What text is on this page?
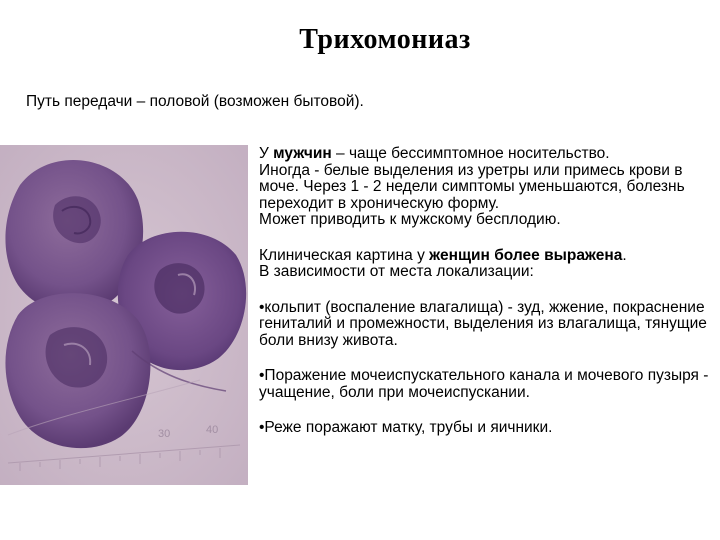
Трихомониаз
Путь передачи – половой (возможен бытовой).
30	40

У мужчин – чаще бессимптомное носительство.
Иногда - белые выделения из уретры или примесь крови в моче. Через 1 - 2 недели симптомы уменьшаются, болезнь переходит в хроническую форму.

Может приводить к мужскому бесплодию.

Клиническая картина у женщин более выражена.

В зависимости от места локализации:

•кольпит (воспаление влагалища) - зуд, жжение, покраснение гениталий и промежности, выделения из влагалища, тянущие боли внизу живота.

•Поражение мочеиспускательного канала и мочевого пузыря - учащение, боли при мочеиспускании.

•Реже поражают матку, трубы и яичники.
